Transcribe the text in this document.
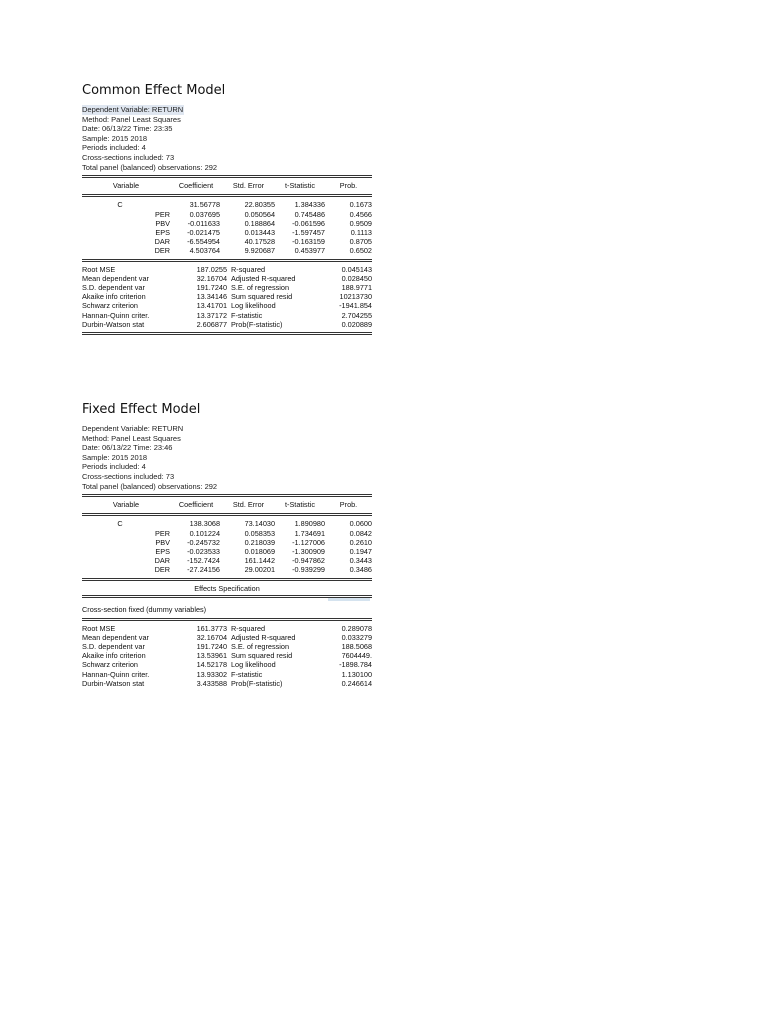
Common Effect Model
Dependent Variable: RETURN
Method: Panel Least Squares
Date: 06/13/22 Time: 23:35
Sample: 2015 2018
Periods included: 4
Cross-sections included: 73
Total panel (balanced) observations: 292
Variable	Coefficient	Std. Error	t-Statistic	Prob.
C	31.56778	22.80355	1.384336	0.1673
PER	0.037695	0.050564	0.745486	0.4566
PBV	-0.011633	0.188864	-0.061596	0.9509
EPS	-0.021475	0.013443	-1.597457	0.1113
DAR	-6.554954	40.17528	-0.163159	0.8705
DER	4.503764	9.920687	0.453977	0.6502
Root MSE	187.0255 R-squared	0.045143
Mean dependent var	32.16704 Adjusted R-squared	0.028450
S.D. dependent var	191.7240 S.E. of regression	188.9771
Akaike info criterion	13.34146 Sum squared resid	10213730
Schwarz criterion	13.41701 Log likelihood	-1941.854
Hannan-Quinn criter.	13.37172 F-statistic	2.704255
Durbin-Watson stat	2.606877 Prob(F-statistic)	0.020889
Fixed Effect Model
Dependent Variable: RETURN
Method: Panel Least Squares
Date: 06/13/22 Time: 23:46
Sample: 2015 2018
Periods included: 4
Cross-sections included: 73
Total panel (balanced) observations: 292
Variable	Coefficient	Std. Error	t-Statistic	Prob.
C	138.3068	73.14030	1.890980	0.0600
PER	0.101224	0.058353	1.734691	0.0842
PBV	-0.245732	0.218039	-1.127006	0.2610
EPS	-0.023533	0.018069	-1.300909	0.1947
DAR	-152.7424	161.1442	-0.947862	0.3443
DER	-27.24156	29.00201	-0.939299	0.3486
Effects Specification
Cross-section fixed (dummy variables)
Root MSE	161.3773 R-squared	0.289078
Mean dependent var	32.16704 Adjusted R-squared	0.033279
S.D. dependent var	191.7240 S.E. of regression	188.5068
Akaike info criterion	13.53961 Sum squared resid	7604449.
Schwarz criterion	14.52178 Log likelihood	-1898.784
Hannan-Quinn criter.	13.93302 F-statistic	1.130100
Durbin-Watson stat	3.433588 Prob(F-statistic)	0.246614
